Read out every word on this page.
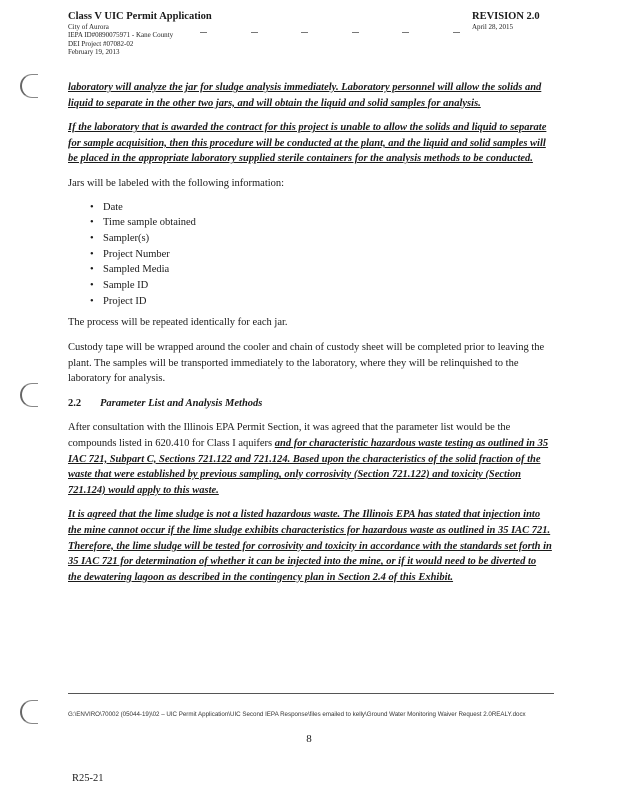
Class V UIC Permit Application
City of Aurora
IEPA ID#0890075971 - Kane County
DEI Project #07082-02
February 19, 2013
REVISION 2.0
April 28, 2015

laboratory will analyze the jar for sludge analysis immediately. Laboratory personnel will allow the solids and liquid to separate in the other two jars, and will obtain the liquid and solid samples for analysis.

If the laboratory that is awarded the contract for this project is unable to allow the solids and liquid to separate for sample acquisition, then this procedure will be conducted at the plant, and the liquid and solid samples will be placed in the appropriate laboratory supplied sterile containers for the analysis methods to be conducted.

Jars will be labeled with the following information:

• Date
• Time sample obtained
• Sampler(s)
• Project Number
• Sampled Media
• Sample ID
• Project ID

The process will be repeated identically for each jar.

Custody tape will be wrapped around the cooler and chain of custody sheet will be completed prior to leaving the plant. The samples will be transported immediately to the laboratory, where they will be relinquished to the laboratory for analysis.

2.2 Parameter List and Analysis Methods

After consultation with the Illinois EPA Permit Section, it was agreed that the parameter list would be the compounds listed in 620.410 for Class I aquifers and for characteristic hazardous waste testing as outlined in 35 IAC 721, Subpart C, Sections 721.122 and 721.124. Based upon the characteristics of the solid fraction of the waste that were established by previous sampling, only corrosivity (Section 721.122) and toxicity (Section 721.124) would apply to this waste.

It is agreed that the lime sludge is not a listed hazardous waste. The Illinois EPA has stated that injection into the mine cannot occur if the lime sludge exhibits characteristics for hazardous waste as outlined in 35 IAC 721. Therefore, the lime sludge will be tested for corrosivity and toxicity in accordance with the standards set forth in 35 IAC 721 for determination of whether it can be injected into the mine, or if it would need to be diverted to the dewatering lagoon as described in the contingency plan in Section 2.4 of this Exhibit.

G:\ENVIRO\70002 (05044-19)\02 – UIC Permit Application\UIC Second IEPA Response\files emailed to kelly\Ground Water Monitoring Waiver Request 2.0REALY.docx
8
R25-21
